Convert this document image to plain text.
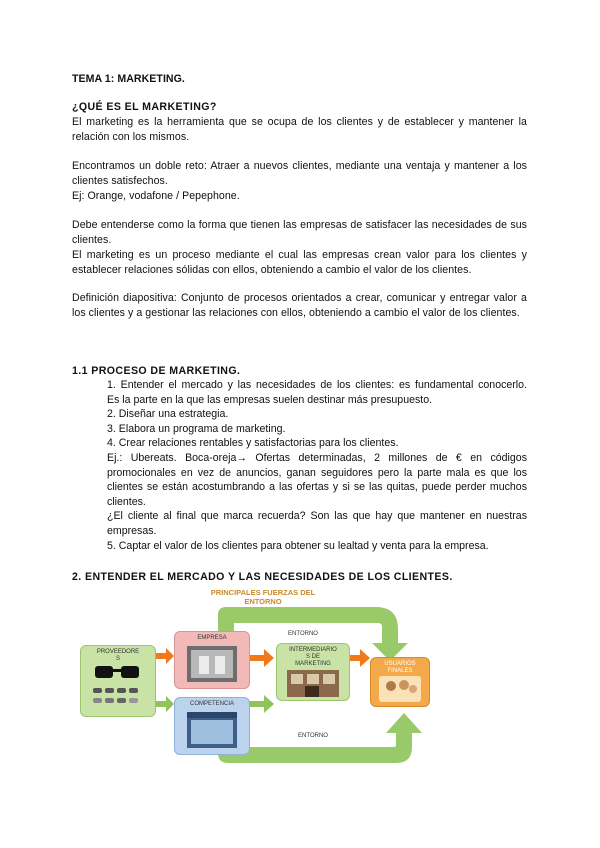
TEMA 1: MARKETING.
¿QUÉ ES EL MARKETING?
El marketing es la herramienta que se ocupa de los clientes y de establecer y mantener la relación con los mismos.
Encontramos un doble reto: Atraer a nuevos clientes, mediante una ventaja y mantener a los clientes satisfechos.
Ej: Orange, vodafone / Pepephone.
Debe entenderse como la forma que tienen las empresas de satisfacer las necesidades de sus clientes.
El marketing es un proceso mediante el cual las empresas crean valor para los clientes y establecer relaciones sólidas con ellos, obteniendo a cambio el valor de los clientes.
Definición diapositiva: Conjunto de procesos orientados a crear, comunicar y entregar valor a los clientes y a gestionar las relaciones con ellos, obteniendo a cambio el valor de los clientes.
1.1 PROCESO DE MARKETING.
1. Entender el mercado y las necesidades de los clientes: es fundamental conocerlo.
Es la parte en la que las empresas suelen destinar más presupuesto.
2. Diseñar una estrategia.
3. Elabora un programa de marketing.
4. Crear relaciones rentables y satisfactorias para los clientes.
Ej.: Ubereats. Boca-oreja→ Ofertas determinadas, 2 millones de € en códigos promocionales en vez de anuncios, ganan seguidores pero la parte mala es que los clientes se están acostumbrando a las ofertas y si se las quitas, puede perder muchos clientes.
¿El cliente al final que marca recuerda? Son las que hay que mantener en nuestras empresas.
5. Captar el valor de los clientes para obtener su lealtad y venta para la empresa.
2. ENTENDER EL MERCADO Y LAS NECESIDADES DE LOS CLIENTES.
PRINCIPALES FUERZAS DEL
ENTORNO
PROVEEDORE
S
EMPRESA
ENTORNO
INTERMEDIARIO
S DE
MARKETING	USUARIOS
FINALES
COMPETENCIA
ENTORNO
